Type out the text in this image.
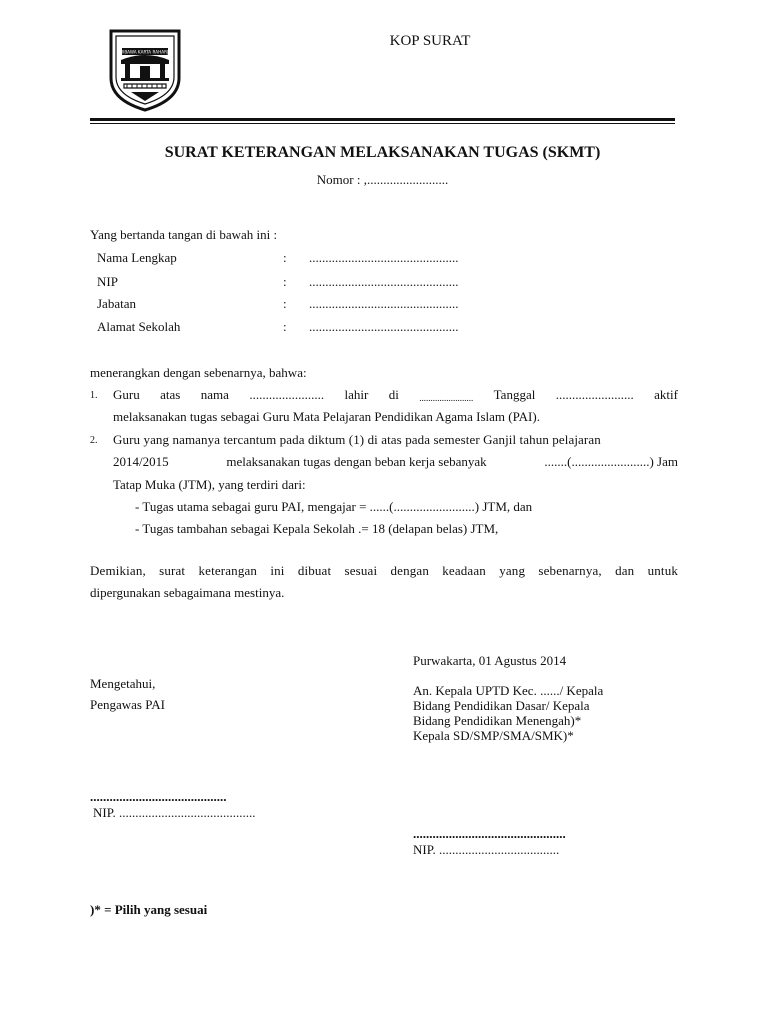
WIBAWA KARTA RAHARJA
KOP SURAT
SURAT KETERANGAN MELAKSANAKAN TUGAS (SKMT)
Nomor : ,.........................
Yang bertanda tangan di bawah ini :
Nama Lengkap	: ..............................................
NIP	: ..............................................
Jabatan	: ..............................................
Alamat Sekolah	: ..............................................
menerangkan dengan sebenarnya, bahwa:
1. Guru atas nama ....................... lahir di ........................ Tanggal ........................ aktif
melaksanakan tugas sebagai Guru Mata Pelajaran Pendidikan Agama Islam (PAI).
2. Guru yang namanya tercantum pada diktum (1) di atas pada semester Ganjil tahun pelajaran
2014/2015	melaksanakan tugas dengan beban kerja sebanyak	.......(........................) Jam
Tatap Muka (JTM), yang terdiri dari:
- Tugas utama sebagai guru PAI, mengajar = ......(.........................) JTM, dan
- Tugas tambahan sebagai Kepala Sekolah .= 18 (delapan belas) JTM,
Demikian, surat keterangan ini dibuat sesuai dengan keadaan yang sebenarnya, dan untuk
dipergunakan sebagaimana mestinya.
Purwakarta, 01 Agustus 2014
An. Kepala UPTD Kec. ....../ Kepala
Bidang Pendidikan Dasar/ Kepala
Bidang Pendidikan Menengah)*
Kepala SD/SMP/SMA/SMK)*
...............................................
NIP. .....................................
Mengetahui,
Pengawas PAI
..........................................
NIP. ..........................................
)* = Pilih yang sesuai
